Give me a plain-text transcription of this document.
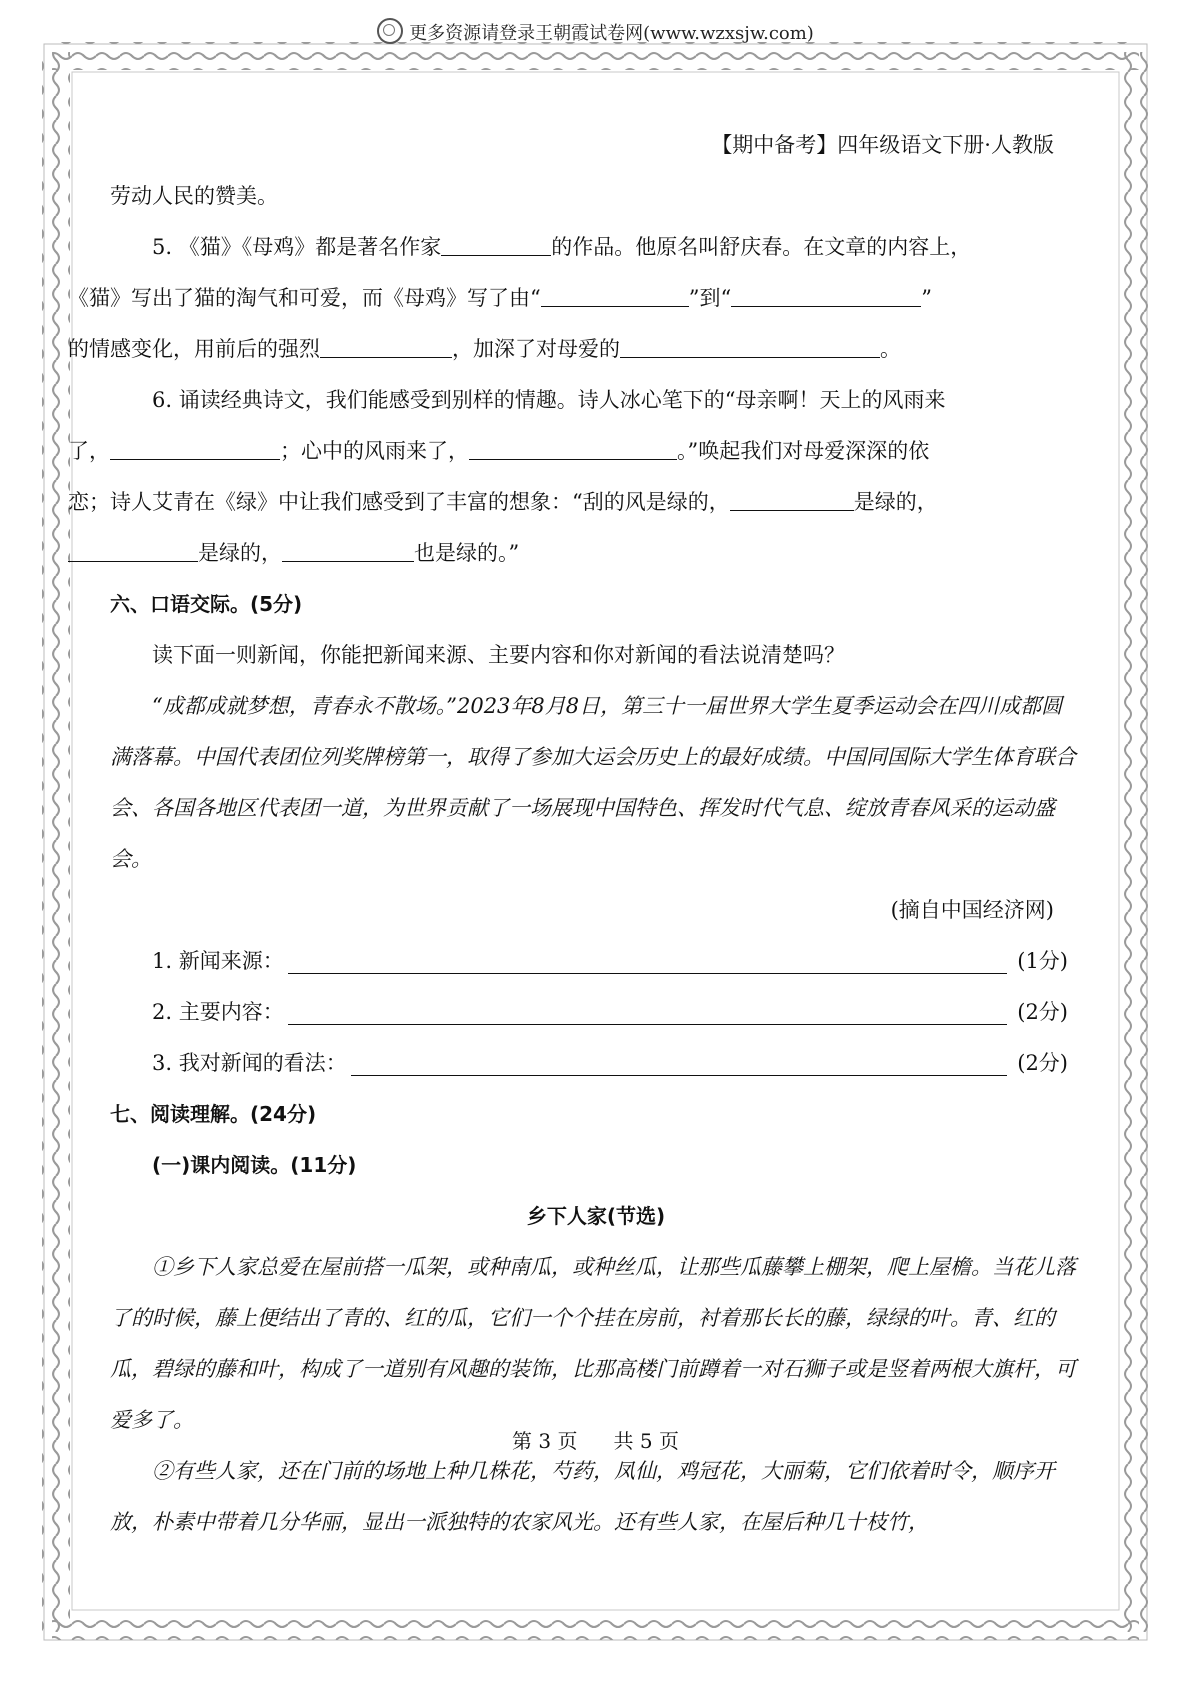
更多资源请登录王朝霞试卷网(www.wzxsjw.com)
【期中备考】四年级语文下册·人教版

劳动人民的赞美。

5. 《猫》《母鸡》都是著名作家	的作品。他原名叫舒庆春。在文章的内容上，
《猫》写出了猫的淘气和可爱，而《母鸡》写了由“	”到“	”
的情感变化，用前后的强烈	，加深了对母爱的	。

6. 诵读经典诗文，我们能感受到别样的情趣。诗人冰心笔下的“母亲啊！天上的风雨来
了，	；心中的风雨来了，	。”唤起我们对母爱深深的依
恋；诗人艾青在《绿》中让我们感受到了丰富的想象：“刮的风是绿的，	是绿的，
是绿的，	也是绿的。”

六、口语交际。(5分)

读下面一则新闻，你能把新闻来源、主要内容和你对新闻的看法说清楚吗？

“成都成就梦想，青春永不散场。”2023年8月8日，第三十一届世界大学生夏季运动会在四川成都圆满落幕。中国代表团位列奖牌榜第一，取得了参加大运会历史上的最好成绩。中国同国际大学生体育联合会、各国各地区代表团一道，为世界贡献了一场展现中国特色、挥发时代气息、绽放青春风采的运动盛会。

(摘自中国经济网)

1. 新闻来源：	(1分)
2. 主要内容：	(2分)
3. 我对新闻的看法：	(2分)

七、阅读理解。(24分)

(一)课内阅读。(11分)

乡下人家(节选)

①乡下人家总爱在屋前搭一瓜架，或种南瓜，或种丝瓜，让那些瓜藤攀上棚架，爬上屋檐。当花儿落了的时候，藤上便结出了青的、红的瓜，它们一个个挂在房前，衬着那长长的藤，绿绿的叶。青、红的瓜，碧绿的藤和叶，构成了一道别有风趣的装饰，比那高楼门前蹲着一对石狮子或是竖着两根大旗杆，可爱多了。

②有些人家，还在门前的场地上种几株花，芍药，凤仙，鸡冠花，大丽菊，它们依着时令，顺序开放，朴素中带着几分华丽，显出一派独特的农家风光。还有些人家，在屋后种几十枝竹，

第 3 页 共 5 页
